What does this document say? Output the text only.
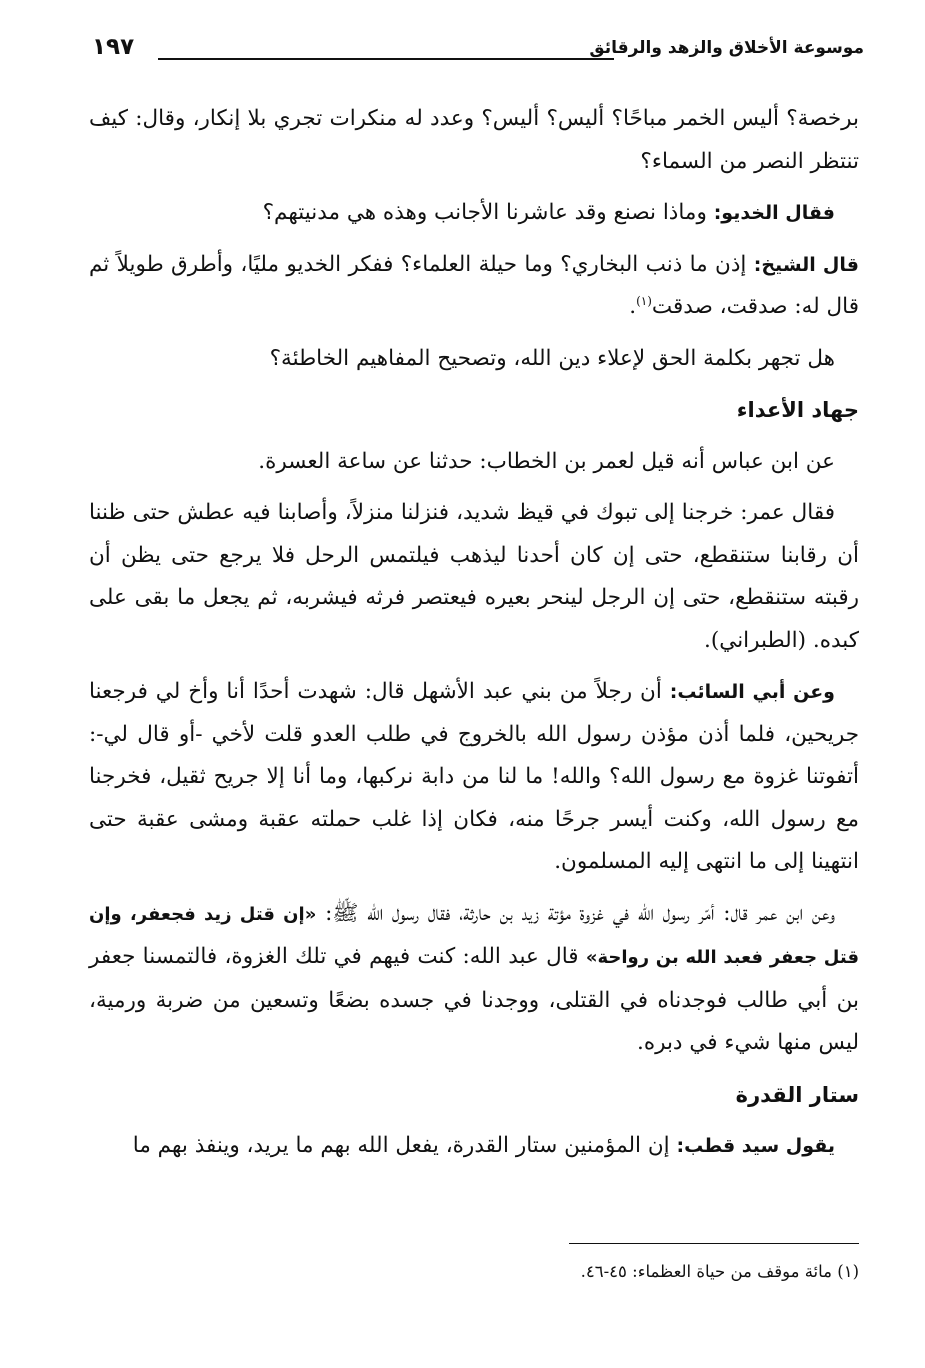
موسوعة الأخلاق والزهد والرقائق
١٩٧

برخصة؟ أليس الخمر مباحًا؟ أليس؟ أليس؟ وعدد له منكرات تجري بلا إنكار، وقال: كيف تنتظر النصر من السماء؟

فقال الخديو: وماذا نصنع وقد عاشرنا الأجانب وهذه هي مدنيتهم؟

قال الشيخ: إذن ما ذنب البخاري؟ وما حيلة العلماء؟ ففكر الخديو مليًا، وأطرق طويلاً ثم قال له: صدقت، صدقت$^{(١)}$.

هل تجهر بكلمة الحق لإعلاء دين الله، وتصحيح المفاهيم الخاطئة؟

جهاد الأعداء

عن ابن عباس أنه قيل لعمر بن الخطاب: حدثنا عن ساعة العسرة.

فقال عمر: خرجنا إلى تبوك في قيظ شديد، فنزلنا منزلاً، وأصابنا فيه عطش حتى ظننا أن رقابنا ستنقطع، حتى إن كان أحدنا ليذهب فيلتمس الرحل فلا يرجع حتى يظن أن رقبته ستنقطع، حتى إن الرجل لينحر بعيره فيعتصر فرثه فيشربه، ثم يجعل ما بقى على كبده. (الطبراني).

وعن أبي السائب: أن رجلاً من بني عبد الأشهل قال: شهدت أحدًا أنا وأخ لي فرجعنا جريحين، فلما أذن مؤذن رسول الله بالخروج في طلب العدو قلت لأخي -أو قال لي-: أتفوتنا غزوة مع رسول الله؟ والله! ما لنا من دابة نركبها، وما أنا إلا جريح ثقيل، فخرجنا مع رسول الله، وكنت أيسر جرحًا منه، فكان إذا غلب حملته عقبة ومشى عقبة حتى انتهينا إلى ما انتهى إليه المسلمون.

وعن ابن عمر قال: أمّر رسول الله في غزوة مؤتة زيد بن حارثة، فقال رسول الله ﷺ: «إن قتل زيد فجعفر، وإن قتل جعفر فعبد الله بن رواحة» قال عبد الله: كنت فيهم في تلك الغزوة، فالتمسنا جعفر بن أبي طالب فوجدناه في القتلى، ووجدنا في جسده بضعًا وتسعين من ضربة ورمية، ليس منها شيء في دبره.

ستار القدرة

يقول سيد قطب: إن المؤمنين ستار القدرة، يفعل الله بهم ما يريد، وينفذ بهم ما

(١) مائة موقف من حياة العظماء: ٤٥-٤٦.
